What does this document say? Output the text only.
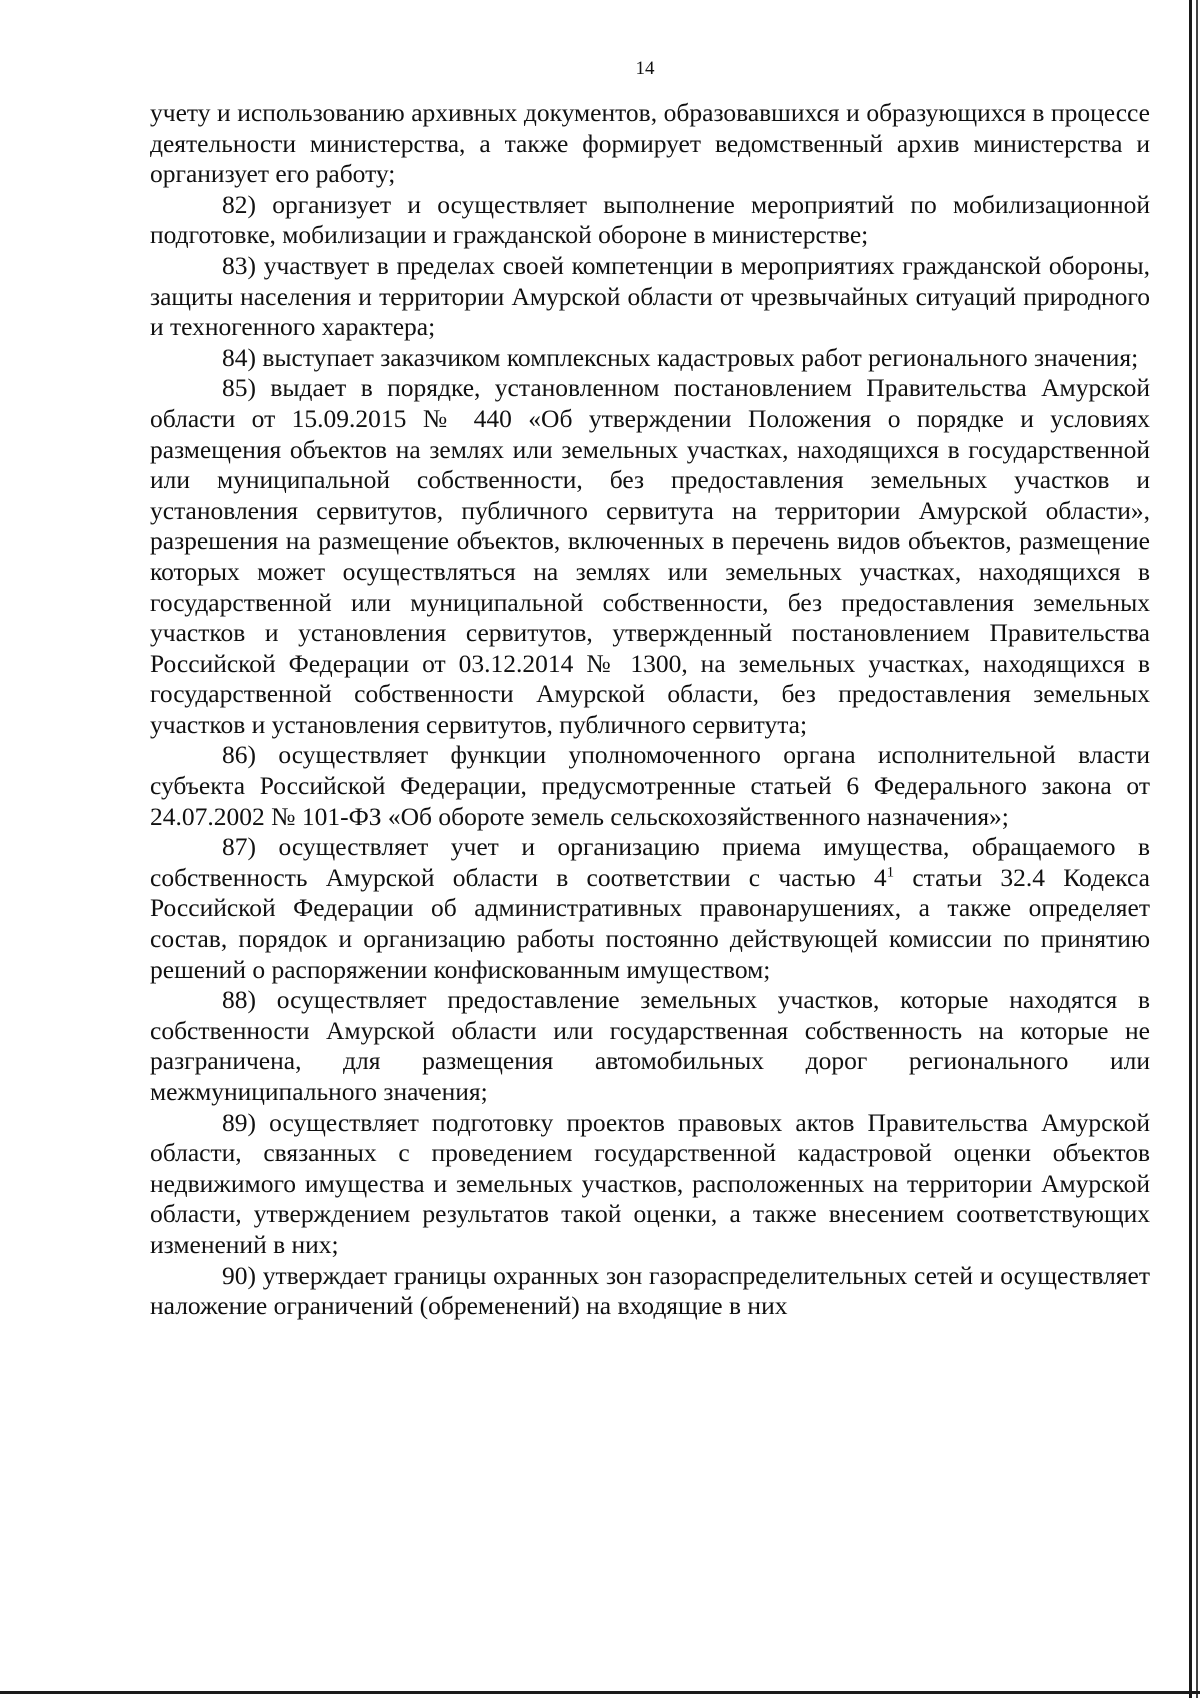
14

учету и использованию архивных документов, образовавшихся и образующихся в процессе деятельности министерства, а также формирует ведомственный архив министерства и организует его работу;

82) организует и осуществляет выполнение мероприятий по мобилизационной подготовке, мобилизации и гражданской обороне в министерстве;

83) участвует в пределах своей компетенции в мероприятиях гражданской обороны, защиты населения и территории Амурской области от чрезвычайных ситуаций природного и техногенного характера;

84) выступает заказчиком комплексных кадастровых работ регионального значения;

85) выдает в порядке, установленном постановлением Правительства Амурской области от 15.09.2015 № 440 «Об утверждении Положения о порядке и условиях размещения объектов на землях или земельных участках, находящихся в государственной или муниципальной собственности, без предоставления земельных участков и установления сервитутов, публичного сервитута на территории Амурской области», разрешения на размещение объектов, включенных в перечень видов объектов, размещение которых может осуществляться на землях или земельных участках, находящихся в государственной или муниципальной собственности, без предоставления земельных участков и установления сервитутов, утвержденный постановлением Правительства Российской Федерации от 03.12.2014 № 1300, на земельных участках, находящихся в государственной собственности Амурской области, без предоставления земельных участков и установления сервитутов, публичного сервитута;

86) осуществляет функции уполномоченного органа исполнительной власти субъекта Российской Федерации, предусмотренные статьей 6 Федерального закона от 24.07.2002 № 101-ФЗ «Об обороте земель сельскохозяйственного назначения»;

87) осуществляет учет и организацию приема имущества, обращаемого в собственность Амурской области в соответствии с частью $4^1$ статьи 32.4 Кодекса Российской Федерации об административных правонарушениях, а также определяет состав, порядок и организацию работы постоянно действующей комиссии по принятию решений о распоряжении конфискованным имуществом;

88) осуществляет предоставление земельных участков, которые находятся в собственности Амурской области или государственная собственность на которые не разграничена, для размещения автомобильных дорог регионального или межмуниципального значения;

89) осуществляет подготовку проектов правовых актов Правительства Амурской области, связанных с проведением государственной кадастровой оценки объектов недвижимого имущества и земельных участков, расположенных на территории Амурской области, утверждением результатов такой оценки, а также внесением соответствующих изменений в них;

90) утверждает границы охранных зон газораспределительных сетей и осуществляет наложение ограничений (обременений) на входящие в них
